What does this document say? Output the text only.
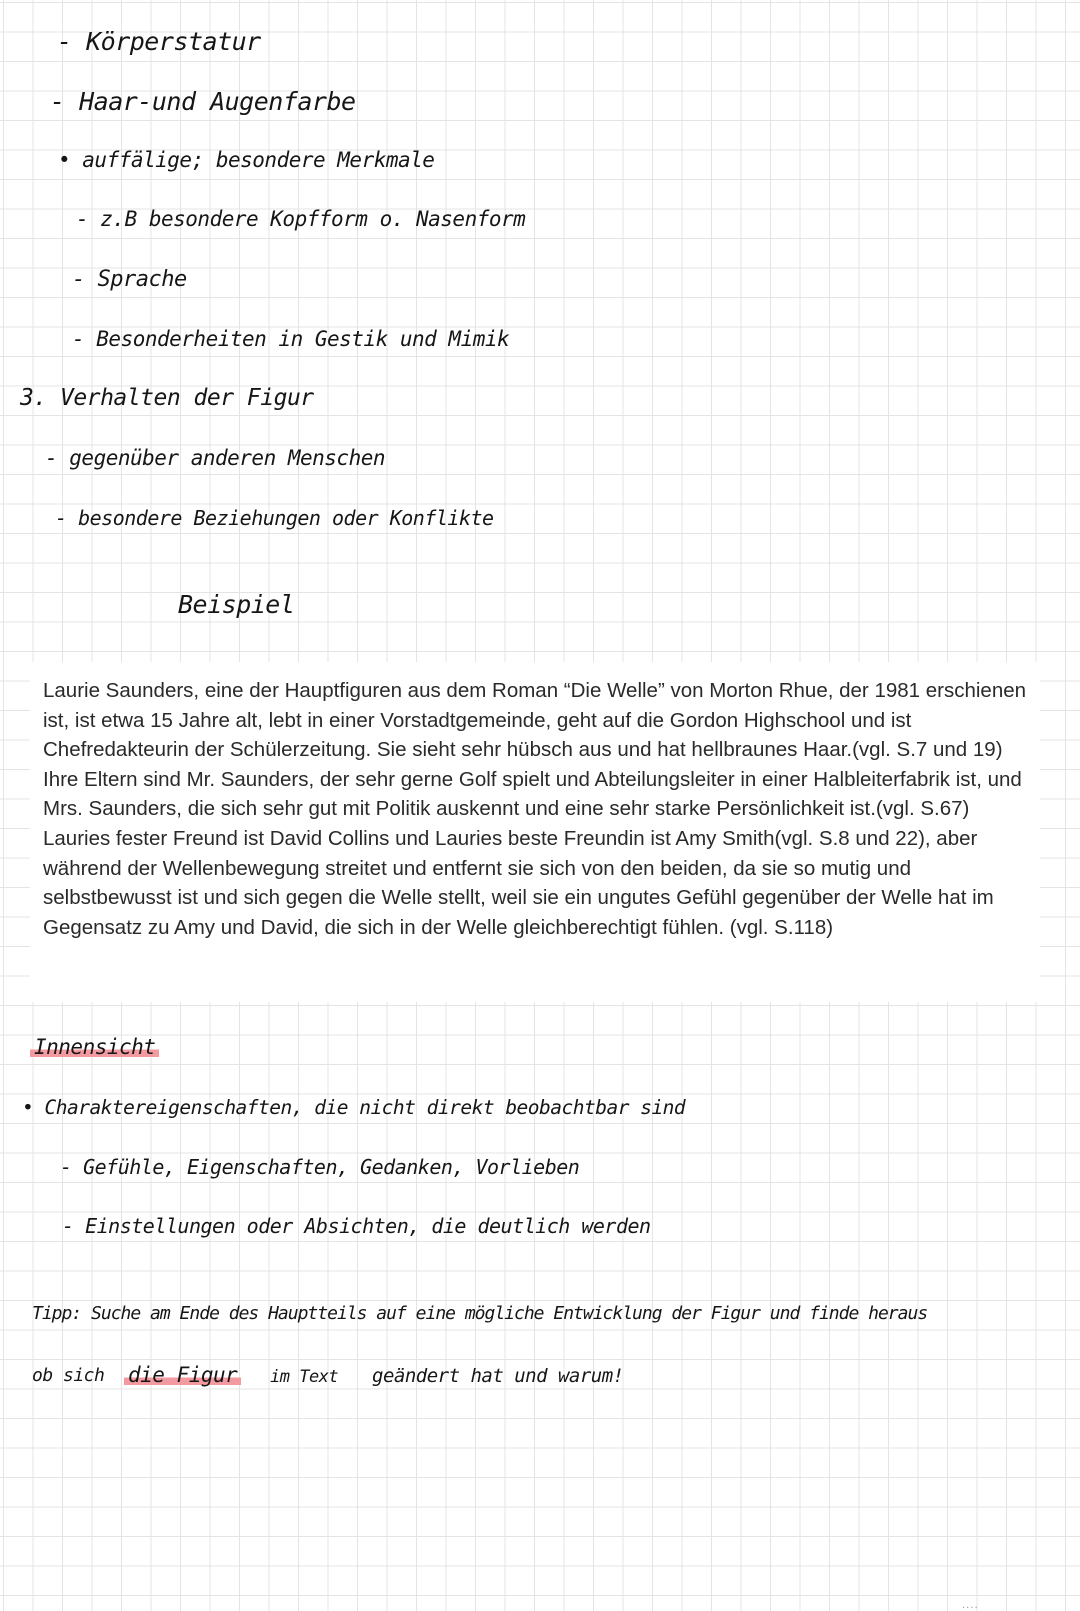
- Körperstatur
- Haar-und Augenfarbe
• auffälige; besondere Merkmale
- z.B besondere Kopfform o. Nasenform
- Sprache
- Besonderheiten in Gestik und Mimik
3. Verhalten der Figur
- gegenüber anderen Menschen
- besondere Beziehungen oder Konflikte
Beispiel

Laurie Saunders, eine der Hauptfiguren aus dem Roman “Die Welle” von Morton Rhue, der 1981 erschienen ist, ist etwa 15 Jahre alt, lebt in einer Vorstadtgemeinde, geht auf die Gordon Highschool und ist Chefredakteurin der Schülerzeitung. Sie sieht sehr hübsch aus und hat hellbraunes Haar.(vgl. S.7 und 19) Ihre Eltern sind Mr. Saunders, der sehr gerne Golf spielt und Abteilungsleiter in einer Halbleiterfabrik ist, und Mrs. Saunders, die sich sehr gut mit Politik auskennt und eine sehr starke Persönlichkeit ist.(vgl. S.67) Lauries fester Freund ist David Collins und Lauries beste Freundin ist Amy Smith(vgl. S.8 und 22), aber während der Wellenbewegung streitet und entfernt sie sich von den beiden, da sie so mutig und selbstbewusst ist und sich gegen die Welle stellt, weil sie ein ungutes Gefühl gegenüber der Welle hat im Gegensatz zu Amy und David, die sich in der Welle gleichberechtigt fühlen. (vgl. S.118)

....
Innensicht
• Charaktereigenschaften, die nicht direkt beobachtbar sind
- Gefühle, Eigenschaften, Gedanken, Vorlieben
- Einstellungen oder Absichten, die deutlich werden
Tipp: Suche am Ende des Hauptteils auf eine mögliche Entwicklung der Figur und finde heraus
ob sich die Figur im Text geändert hat und warum!
